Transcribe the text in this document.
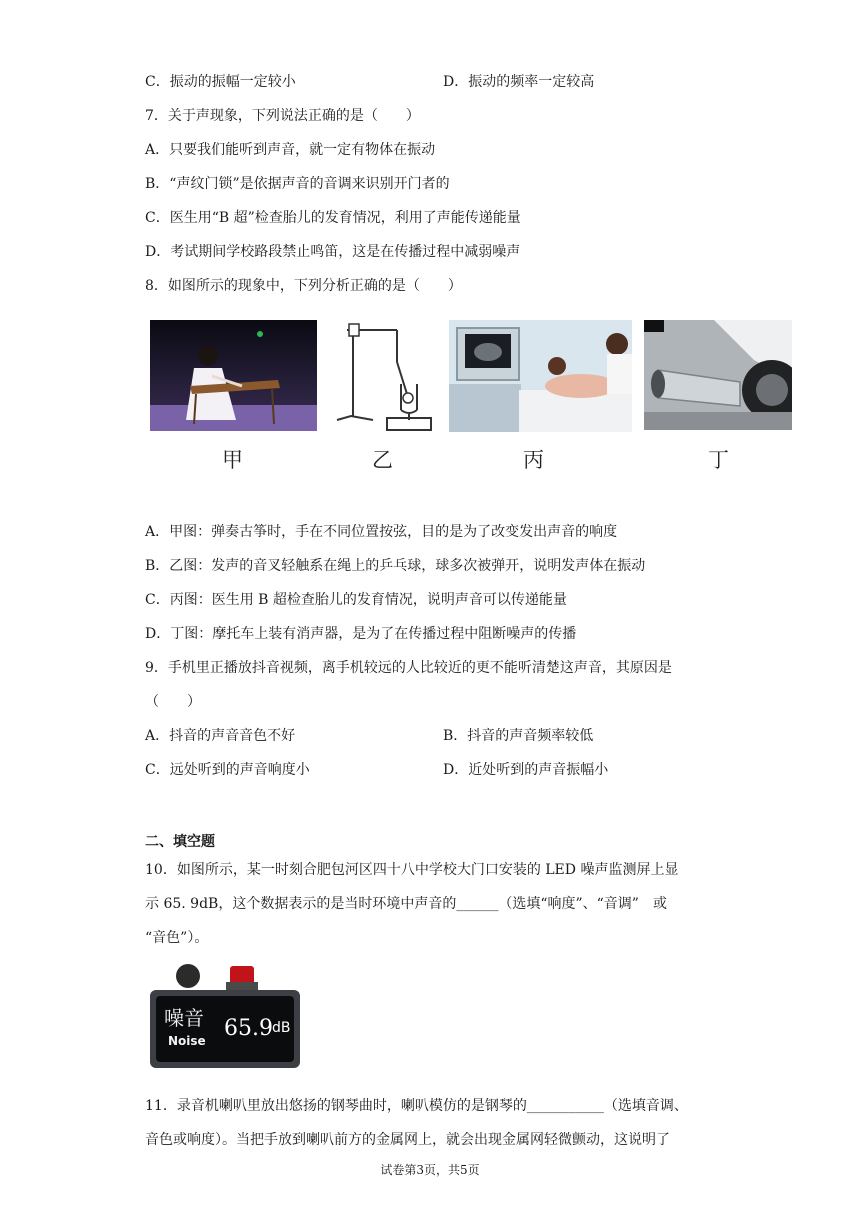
C．振动的振幅一定较小	D．振动的频率一定较高
7．关于声现象，下列说法正确的是（　　）
A．只要我们能听到声音，就一定有物体在振动
B．“声纹门锁”是依据声音的音调来识别开门者的
C．医生用“B 超”检查胎儿的发育情况，利用了声能传递能量
D．考试期间学校路段禁止鸣笛，这是在传播过程中减弱噪声
8．如图所示的现象中，下列分析正确的是（　　）
甲	乙	丙	丁
A．甲图：弹奏古筝时，手在不同位置按弦，目的是为了改变发出声音的响度
B．乙图：发声的音叉轻触系在绳上的乒乓球，球多次被弹开，说明发声体在振动
C．丙图：医生用 B 超检查胎儿的发育情况，说明声音可以传递能量
D．丁图：摩托车上装有消声器，是为了在传播过程中阻断噪声的传播
9．手机里正播放抖音视频，离手机较远的人比较近的更不能听清楚这声音，其原因是
（　　）
A．抖音的声音音色不好	B．抖音的声音频率较低
C．远处听到的声音响度小	D．近处听到的声音振幅小
二、填空题
10．如图所示，某一时刻合肥包河区四十八中学校大门口安装的 LED 噪声监测屏上显
示 65. 9dB，这个数据表示的是当时环境中声音的______（选填“响度”、“音调”　或
“音色”）。
噪音
Noise 65.9 dB
11．录音机喇叭里放出悠扬的钢琴曲时，喇叭模仿的是钢琴的___________（选填音调、
音色或响度）。当把手放到喇叭前方的金属网上，就会出现金属网轻微颤动，这说明了
试卷第3页，共5页
